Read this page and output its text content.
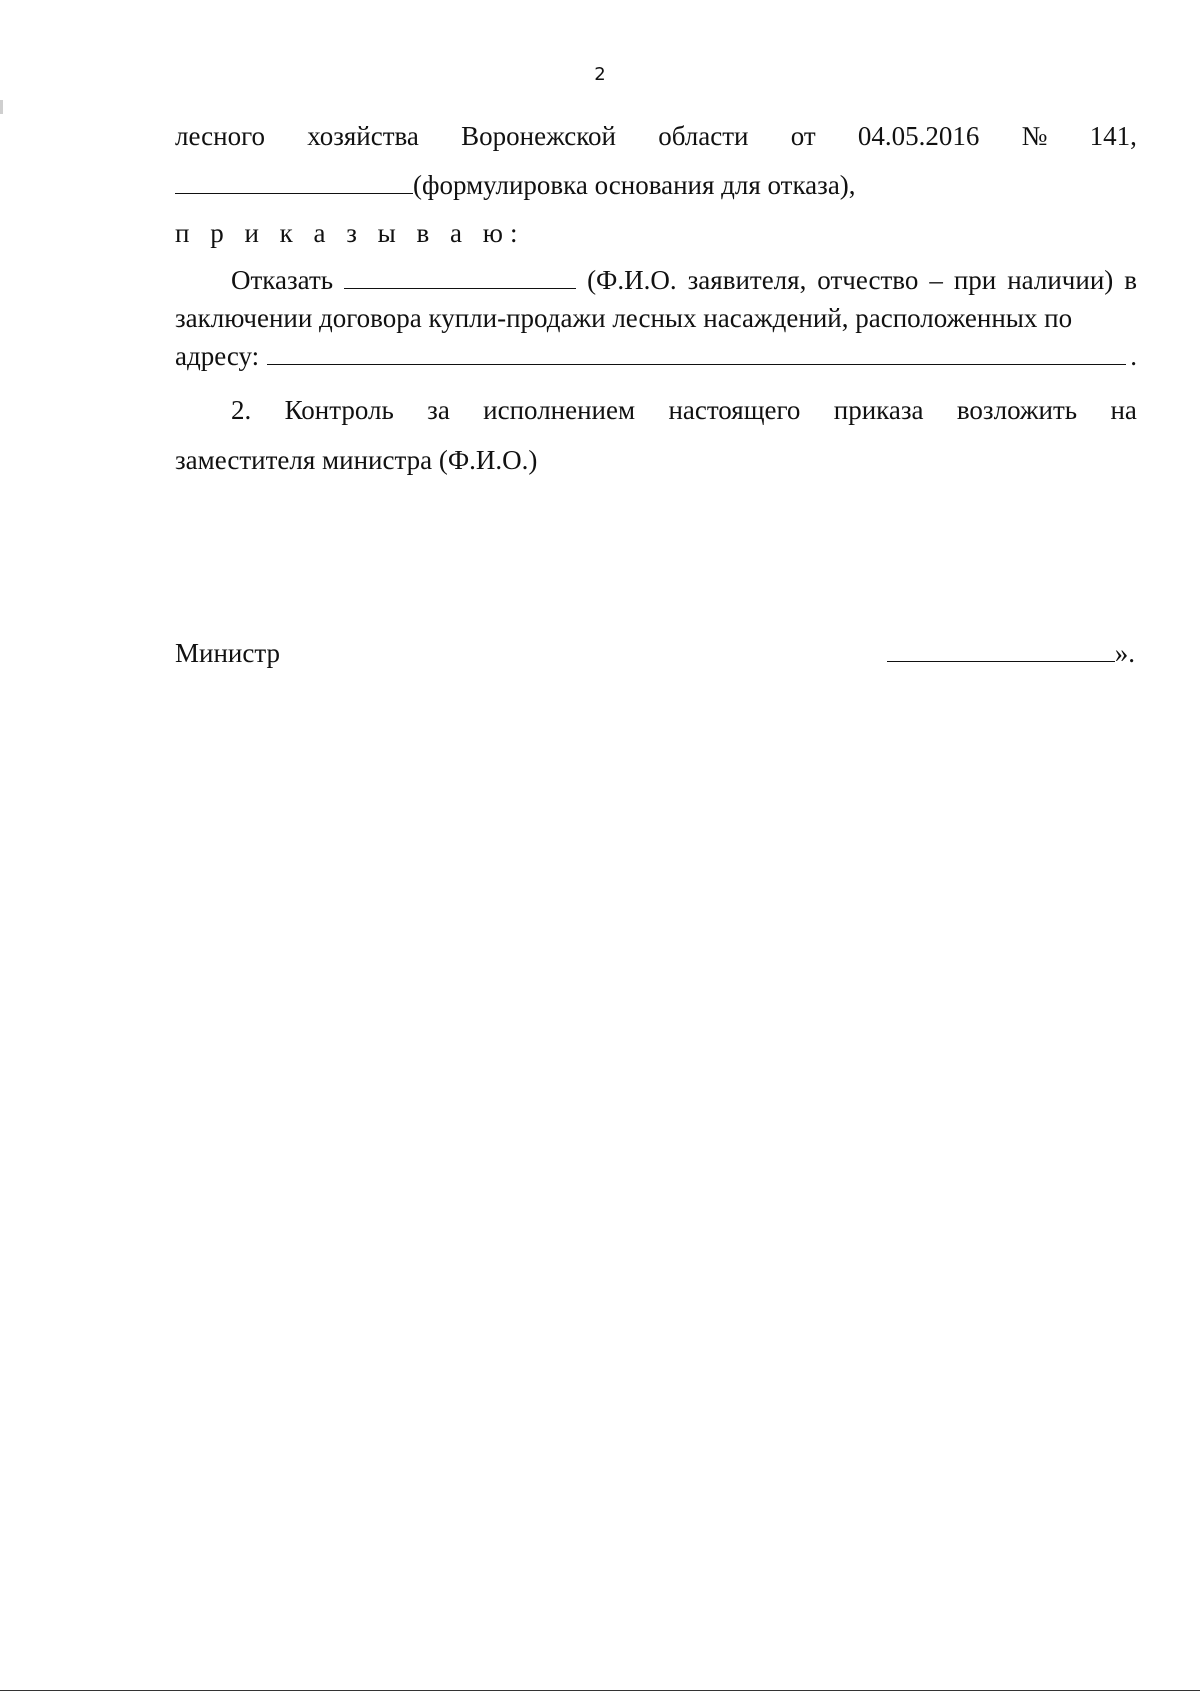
2
лесного хозяйства Воронежской области от 04.05.2016 № 141,
(формулировка основания для отказа),
п р и к а з ы в а ю:

Отказать	(Ф.И.О. заявителя, отчество – при наличии) в заключении договора купли-продажи лесных насаждений, расположенных по

адресу:	.
2. Контроль за исполнением настоящего приказа возложить на
заместителя министра (Ф.И.О.)
Министр	».
